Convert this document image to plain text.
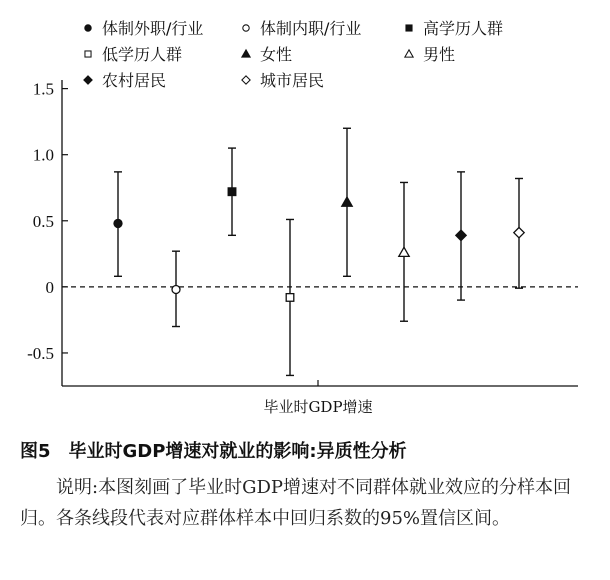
体制外职/行业	体制内职/行业	高学历人群
低学历人群	女性	男性
农村居民	城市居民
1.5
1.0
0.5
0
-0.5
毕业时GDP增速
图5　毕业时GDP增速对就业的影响:异质性分析

说明:本图刻画了毕业时GDP增速对不同群体就业效应的分样本回归。各条线段代表对应群体样本中回归系数的95%置信区间。
